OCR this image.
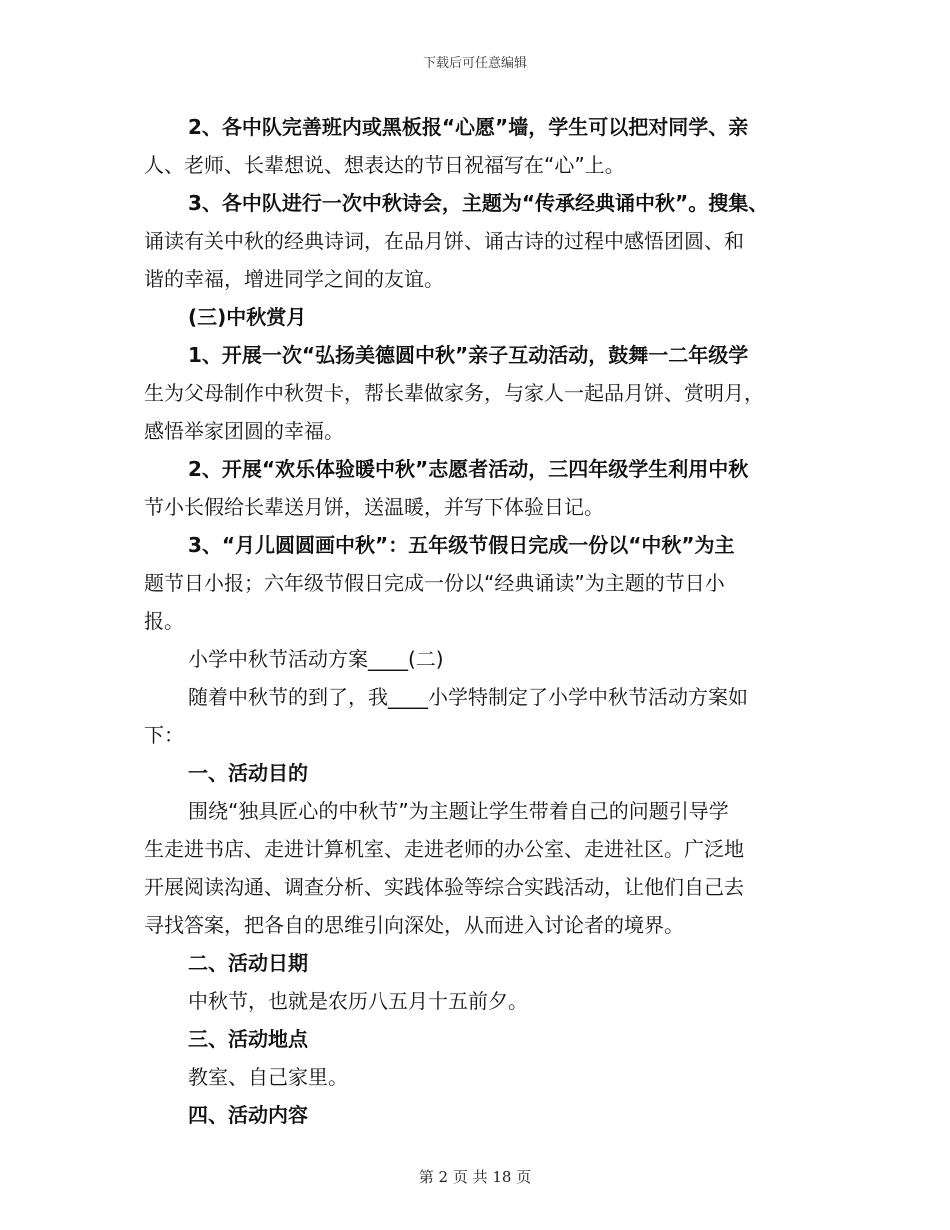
下载后可任意编辑

2、各中队完善班内或黑板报“心愿”墙，学生可以把对同学、亲

人、老师、长辈想说、想表达的节日祝福写在“心”上。

3、各中队进行一次中秋诗会，主题为“传承经典诵中秋”。搜集、

诵读有关中秋的经典诗词，在品月饼、诵古诗的过程中感悟团圆、和

谐的幸福，增进同学之间的友谊。

(三)中秋赏月

1、开展一次“弘扬美德圆中秋”亲子互动活动，鼓舞一二年级学

生为父母制作中秋贺卡，帮长辈做家务，与家人一起品月饼、赏明月，

感悟举家团圆的幸福。

2、开展“欢乐体验暖中秋”志愿者活动，三四年级学生利用中秋

节小长假给长辈送月饼，送温暖，并写下体验日记。

3、“月儿圆圆画中秋”：五年级节假日完成一份以“中秋”为主

题节日小报；六年级节假日完成一份以“经典诵读”为主题的节日小

报。

小学中秋节活动方案____(二)

随着中秋节的到了，我____小学特制定了小学中秋节活动方案如

下：

一、活动目的

围绕“独具匠心的中秋节”为主题让学生带着自己的问题引导学

生走进书店、走进计算机室、走进老师的办公室、走进社区。广泛地

开展阅读沟通、调查分析、实践体验等综合实践活动，让他们自己去

寻找答案，把各自的思维引向深处，从而进入讨论者的境界。

二、活动日期

中秋节，也就是农历八五月十五前夕。

三、活动地点

教室、自己家里。

四、活动内容

第 2 页 共 18 页
